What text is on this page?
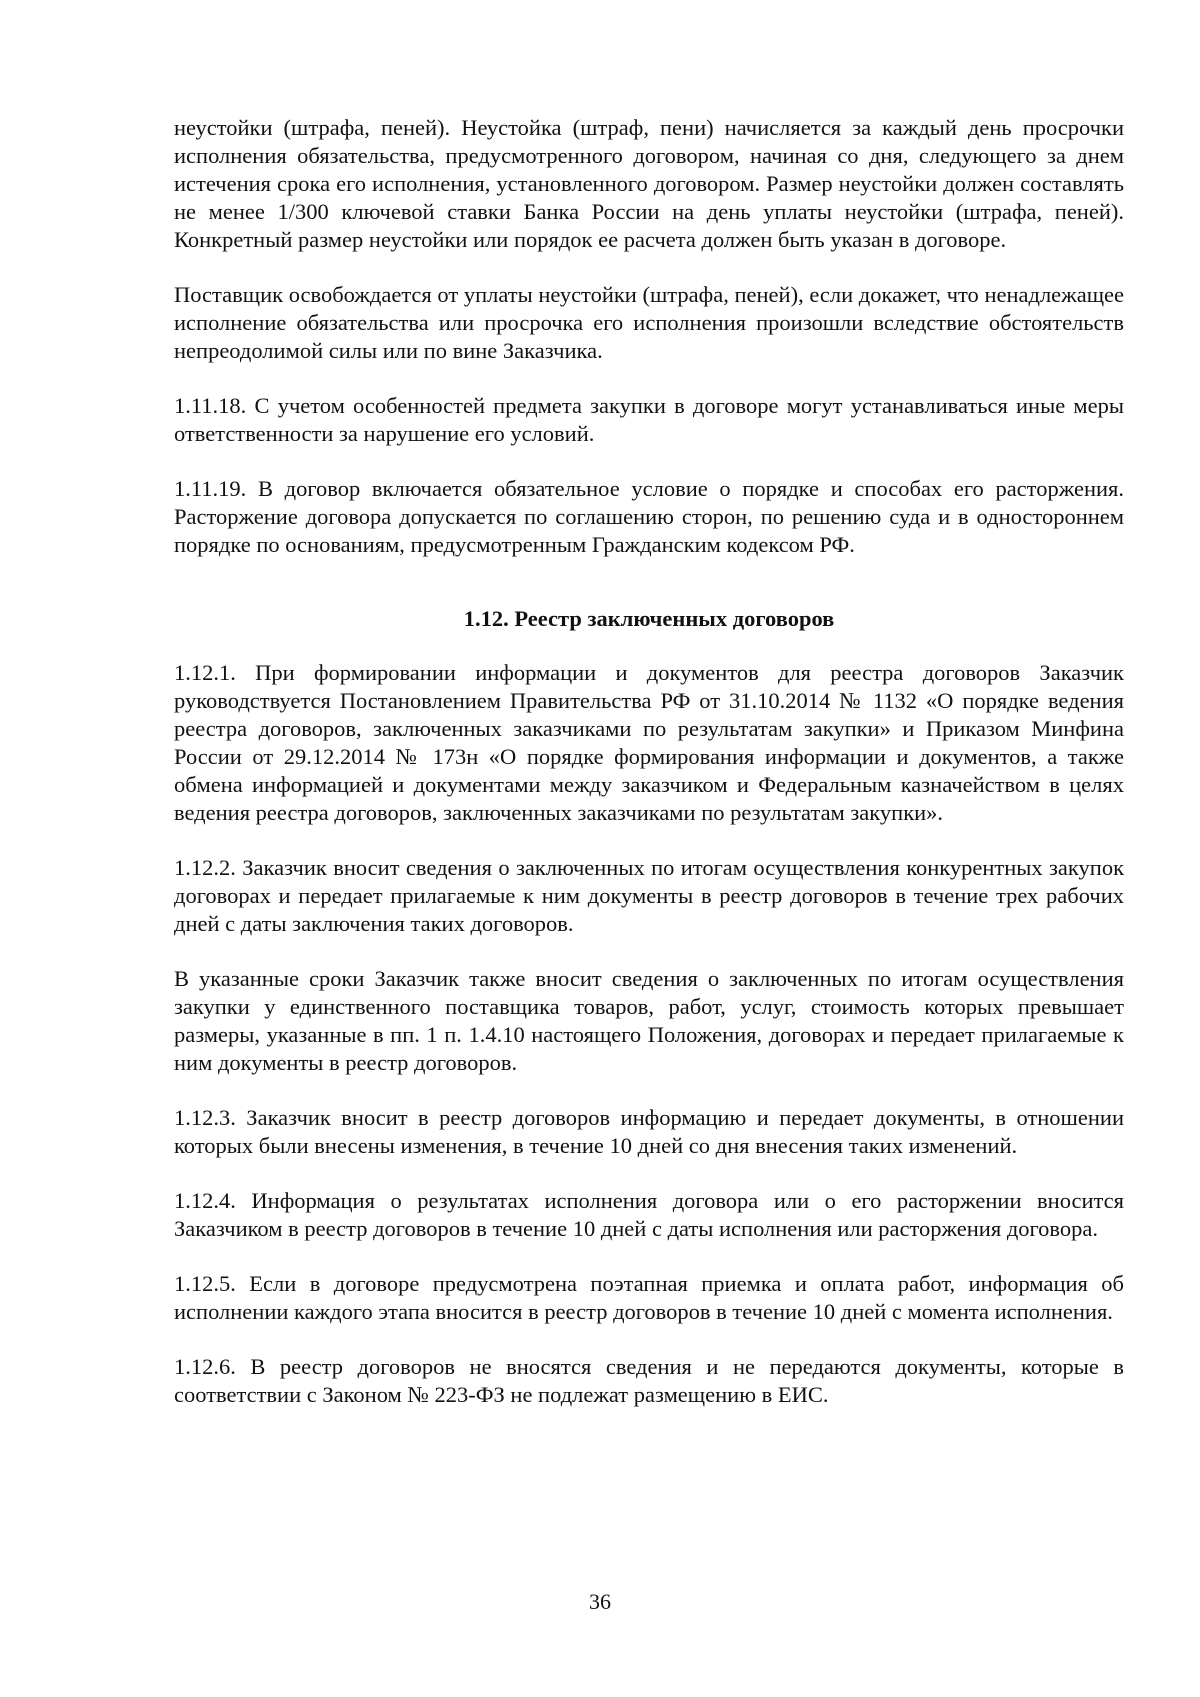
неустойки (штрафа, пеней). Неустойка (штраф, пени) начисляется за каждый день просрочки исполнения обязательства, предусмотренного договором, начиная со дня, следующего за днем истечения срока его исполнения, установленного договором. Размер неустойки должен составлять не менее 1/300 ключевой ставки Банка России на день уплаты неустойки (штрафа, пеней). Конкретный размер неустойки или порядок ее расчета должен быть указан в договоре.

Поставщик освобождается от уплаты неустойки (штрафа, пеней), если докажет, что ненадлежащее исполнение обязательства или просрочка его исполнения произошли вследствие обстоятельств непреодолимой силы или по вине Заказчика.

1.11.18. С учетом особенностей предмета закупки в договоре могут устанавливаться иные меры ответственности за нарушение его условий.

1.11.19. В договор включается обязательное условие о порядке и способах его расторжения. Расторжение договора допускается по соглашению сторон, по решению суда и в одностороннем порядке по основаниям, предусмотренным Гражданским кодексом РФ.

1.12. Реестр заключенных договоров

1.12.1. При формировании информации и документов для реестра договоров Заказчик руководствуется Постановлением Правительства РФ от 31.10.2014 № 1132 «О порядке ведения реестра договоров, заключенных заказчиками по результатам закупки» и Приказом Минфина России от 29.12.2014 № 173н «О порядке формирования информации и документов, а также обмена информацией и документами между заказчиком и Федеральным казначейством в целях ведения реестра договоров, заключенных заказчиками по результатам закупки».

1.12.2. Заказчик вносит сведения о заключенных по итогам осуществления конкурентных закупок договорах и передает прилагаемые к ним документы в реестр договоров в течение трех рабочих дней с даты заключения таких договоров.

В указанные сроки Заказчик также вносит сведения о заключенных по итогам осуществления закупки у единственного поставщика товаров, работ, услуг, стоимость которых превышает размеры, указанные в пп. 1 п. 1.4.10 настоящего Положения, договорах и передает прилагаемые к ним документы в реестр договоров.

1.12.3. Заказчик вносит в реестр договоров информацию и передает документы, в отношении которых были внесены изменения, в течение 10 дней со дня внесения таких изменений.

1.12.4. Информация о результатах исполнения договора или о его расторжении вносится Заказчиком в реестр договоров в течение 10 дней с даты исполнения или расторжения договора.

1.12.5. Если в договоре предусмотрена поэтапная приемка и оплата работ, информация об исполнении каждого этапа вносится в реестр договоров в течение 10 дней с момента исполнения.

1.12.6. В реестр договоров не вносятся сведения и не передаются документы, которые в соответствии с Законом № 223-ФЗ не подлежат размещению в ЕИС.

36
